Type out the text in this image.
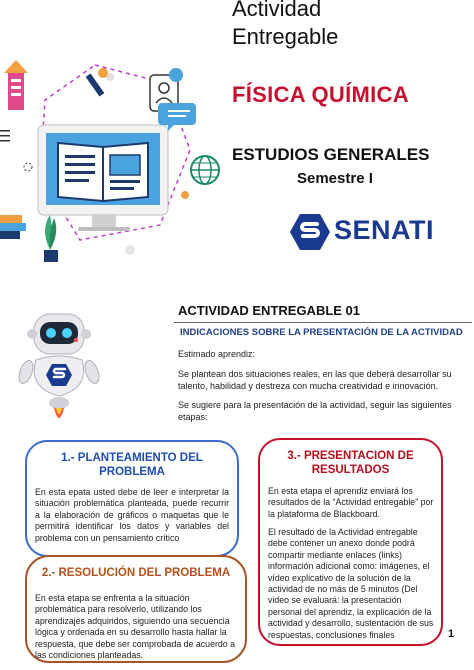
Actividad
Entregable
FÍSICA QUÍMICA
ESTUDIOS GENERALES
Semestre I
SENATI
ACTIVIDAD ENTREGABLE 01
INDICACIONES SOBRE LA PRESENTACIÓN DE LA ACTIVIDAD
Estimado aprendiz:
Se plantean dos situaciones reales, en las que deberá desarrollar su talento, habilidad y destreza con mucha creatividad e innovación.
Se sugiere para la presentación de la actividad, seguir las siguientes etapas:
1.- PLANTEAMIENTO DEL PROBLEMA
En esta epata usted debe de leer e interpretar la situación problemática planteada, puede recurrir a la elaboración de gráficos o maquetas que le permitirá identificar los datos y variables del problema con un pensamiento crítico
3.- PRESENTACION DE RESULTADOS
En esta etapa el aprendiz enviará los resultados de la “Actividad entregable” por la plataforma de Blackboard.
El resultado de la Actividad entregable debe contener un anexo donde podrá compartir mediante enlaces (links) información adicional como: imágenes, el vídeo explicativo de la solución de la actividad de no más de 5 minutos (Del video se evaluará: la presentación personal del aprendiz, la explicación de la actividad y desarrollo, sustentación de sus respuestas, conclusiones finales
2.- RESOLUCIÓN DEL PROBLEMA
En esta etapa se enfrenta a la situación problemática para resolverlo, utilizando los aprendizajes adquiridos, siguiendo una secuencia lógica y ordenada en su desarrollo hasta hallar la respuesta, que debe ser comprobada de acuerdo a las condiciones planteadas.
1
